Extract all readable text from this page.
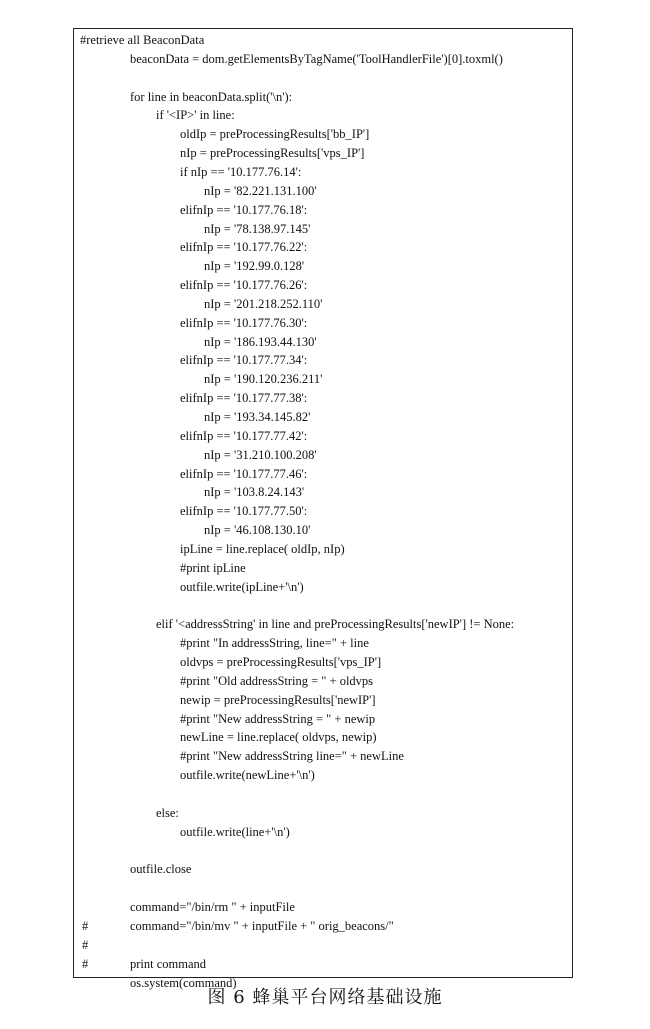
#retrieve all BeaconData
beaconData = dom.getElementsByTagName('ToolHandlerFile')[0].toxml()
for line in beaconData.split('\n'):
if '<IP>' in line:
oldIp = preProcessingResults['bb_IP']
nIp = preProcessingResults['vps_IP']
if nIp == '10.177.76.14':
nIp = '82.221.131.100'
elifnIp == '10.177.76.18':
nIp = '78.138.97.145'
elifnIp == '10.177.76.22':
nIp = '192.99.0.128'
elifnIp == '10.177.76.26':
nIp = '201.218.252.110'
elifnIp == '10.177.76.30':
nIp = '186.193.44.130'
elifnIp == '10.177.77.34':
nIp = '190.120.236.211'
elifnIp == '10.177.77.38':
nIp = '193.34.145.82'
elifnIp == '10.177.77.42':
nIp = '31.210.100.208'
elifnIp == '10.177.77.46':
nIp = '103.8.24.143'
elifnIp == '10.177.77.50':
nIp = '46.108.130.10'
ipLine = line.replace( oldIp, nIp)
#print ipLine
outfile.write(ipLine+'\n')
elif '<addressString' in line and preProcessingResults['newIP'] != None:
#print "In addressString, line=" + line
oldvps = preProcessingResults['vps_IP']
#print "Old addressString = " + oldvps
newip = preProcessingResults['newIP']
#print "New addressString = " + newip
newLine = line.replace( oldvps, newip)
#print "New addressString line=" + newLine
outfile.write(newLine+'\n')
else:
outfile.write(line+'\n')
outfile.close
command="/bin/rm " + inputFile
#	command="/bin/mv " + inputFile + " orig_beacons/"
#
#	print command
os.system(command)
图 6 蜂巢平台网络基础设施
